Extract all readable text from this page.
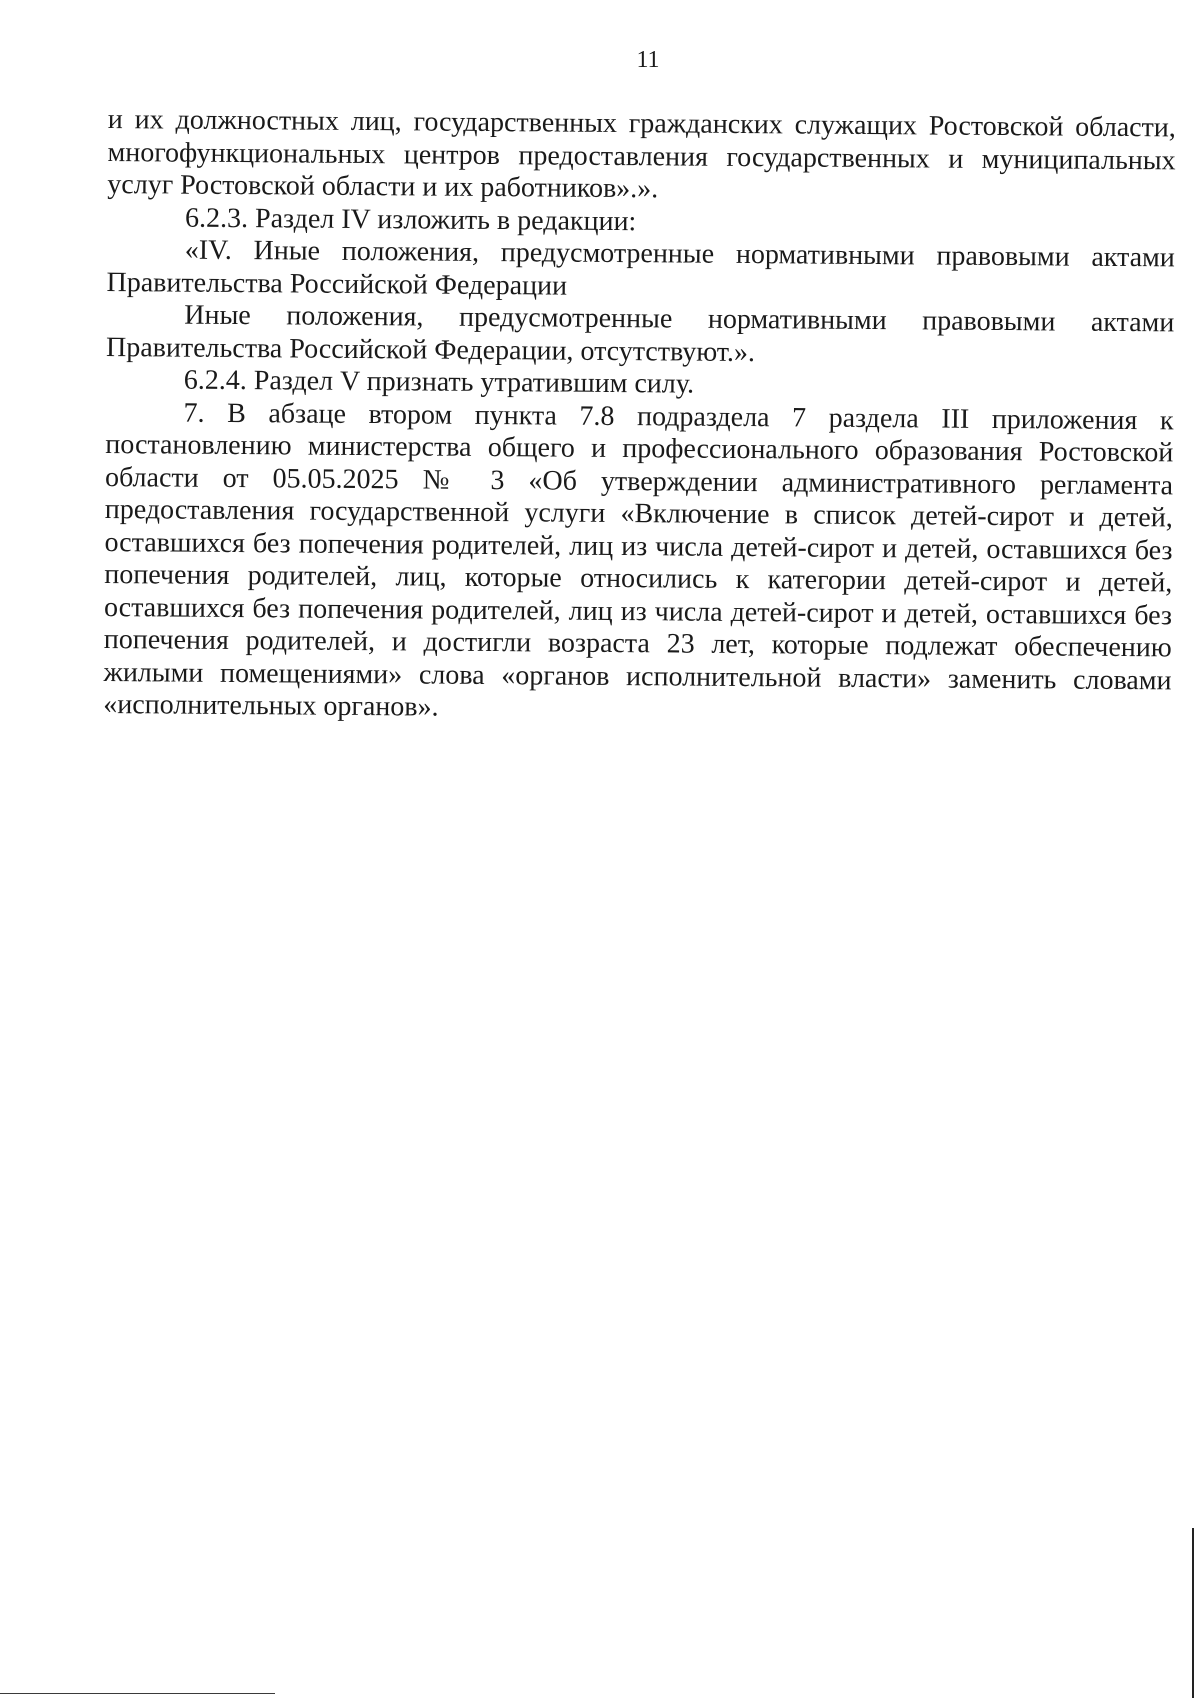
11

и их должностных лиц, государственных гражданских служащих Ростовской области, многофункциональных центров предоставления государственных и муниципальных услуг Ростовской области и их работников».».

6.2.3. Раздел IV изложить в редакции:

«IV. Иные положения, предусмотренные нормативными правовыми актами Правительства Российской Федерации

Иные положения, предусмотренные нормативными правовыми актами Правительства Российской Федерации, отсутствуют.».

6.2.4. Раздел V признать утратившим силу.

7. В абзаце втором пункта 7.8 подраздела 7 раздела III приложения к постановлению министерства общего и профессионального образования Ростовской области от 05.05.2025 № 3 «Об утверждении административного регламента предоставления государственной услуги «Включение в список детей-сирот и детей, оставшихся без попечения родителей, лиц из числа детей-сирот и детей, оставшихся без попечения родителей, лиц, которые относились к категории детей-сирот и детей, оставшихся без попечения родителей, лиц из числа детей-сирот и детей, оставшихся без попечения родителей, и достигли возраста 23 лет, которые подлежат обеспечению жилыми помещениями» слова «органов исполнительной власти» заменить словами «исполнительных органов».
